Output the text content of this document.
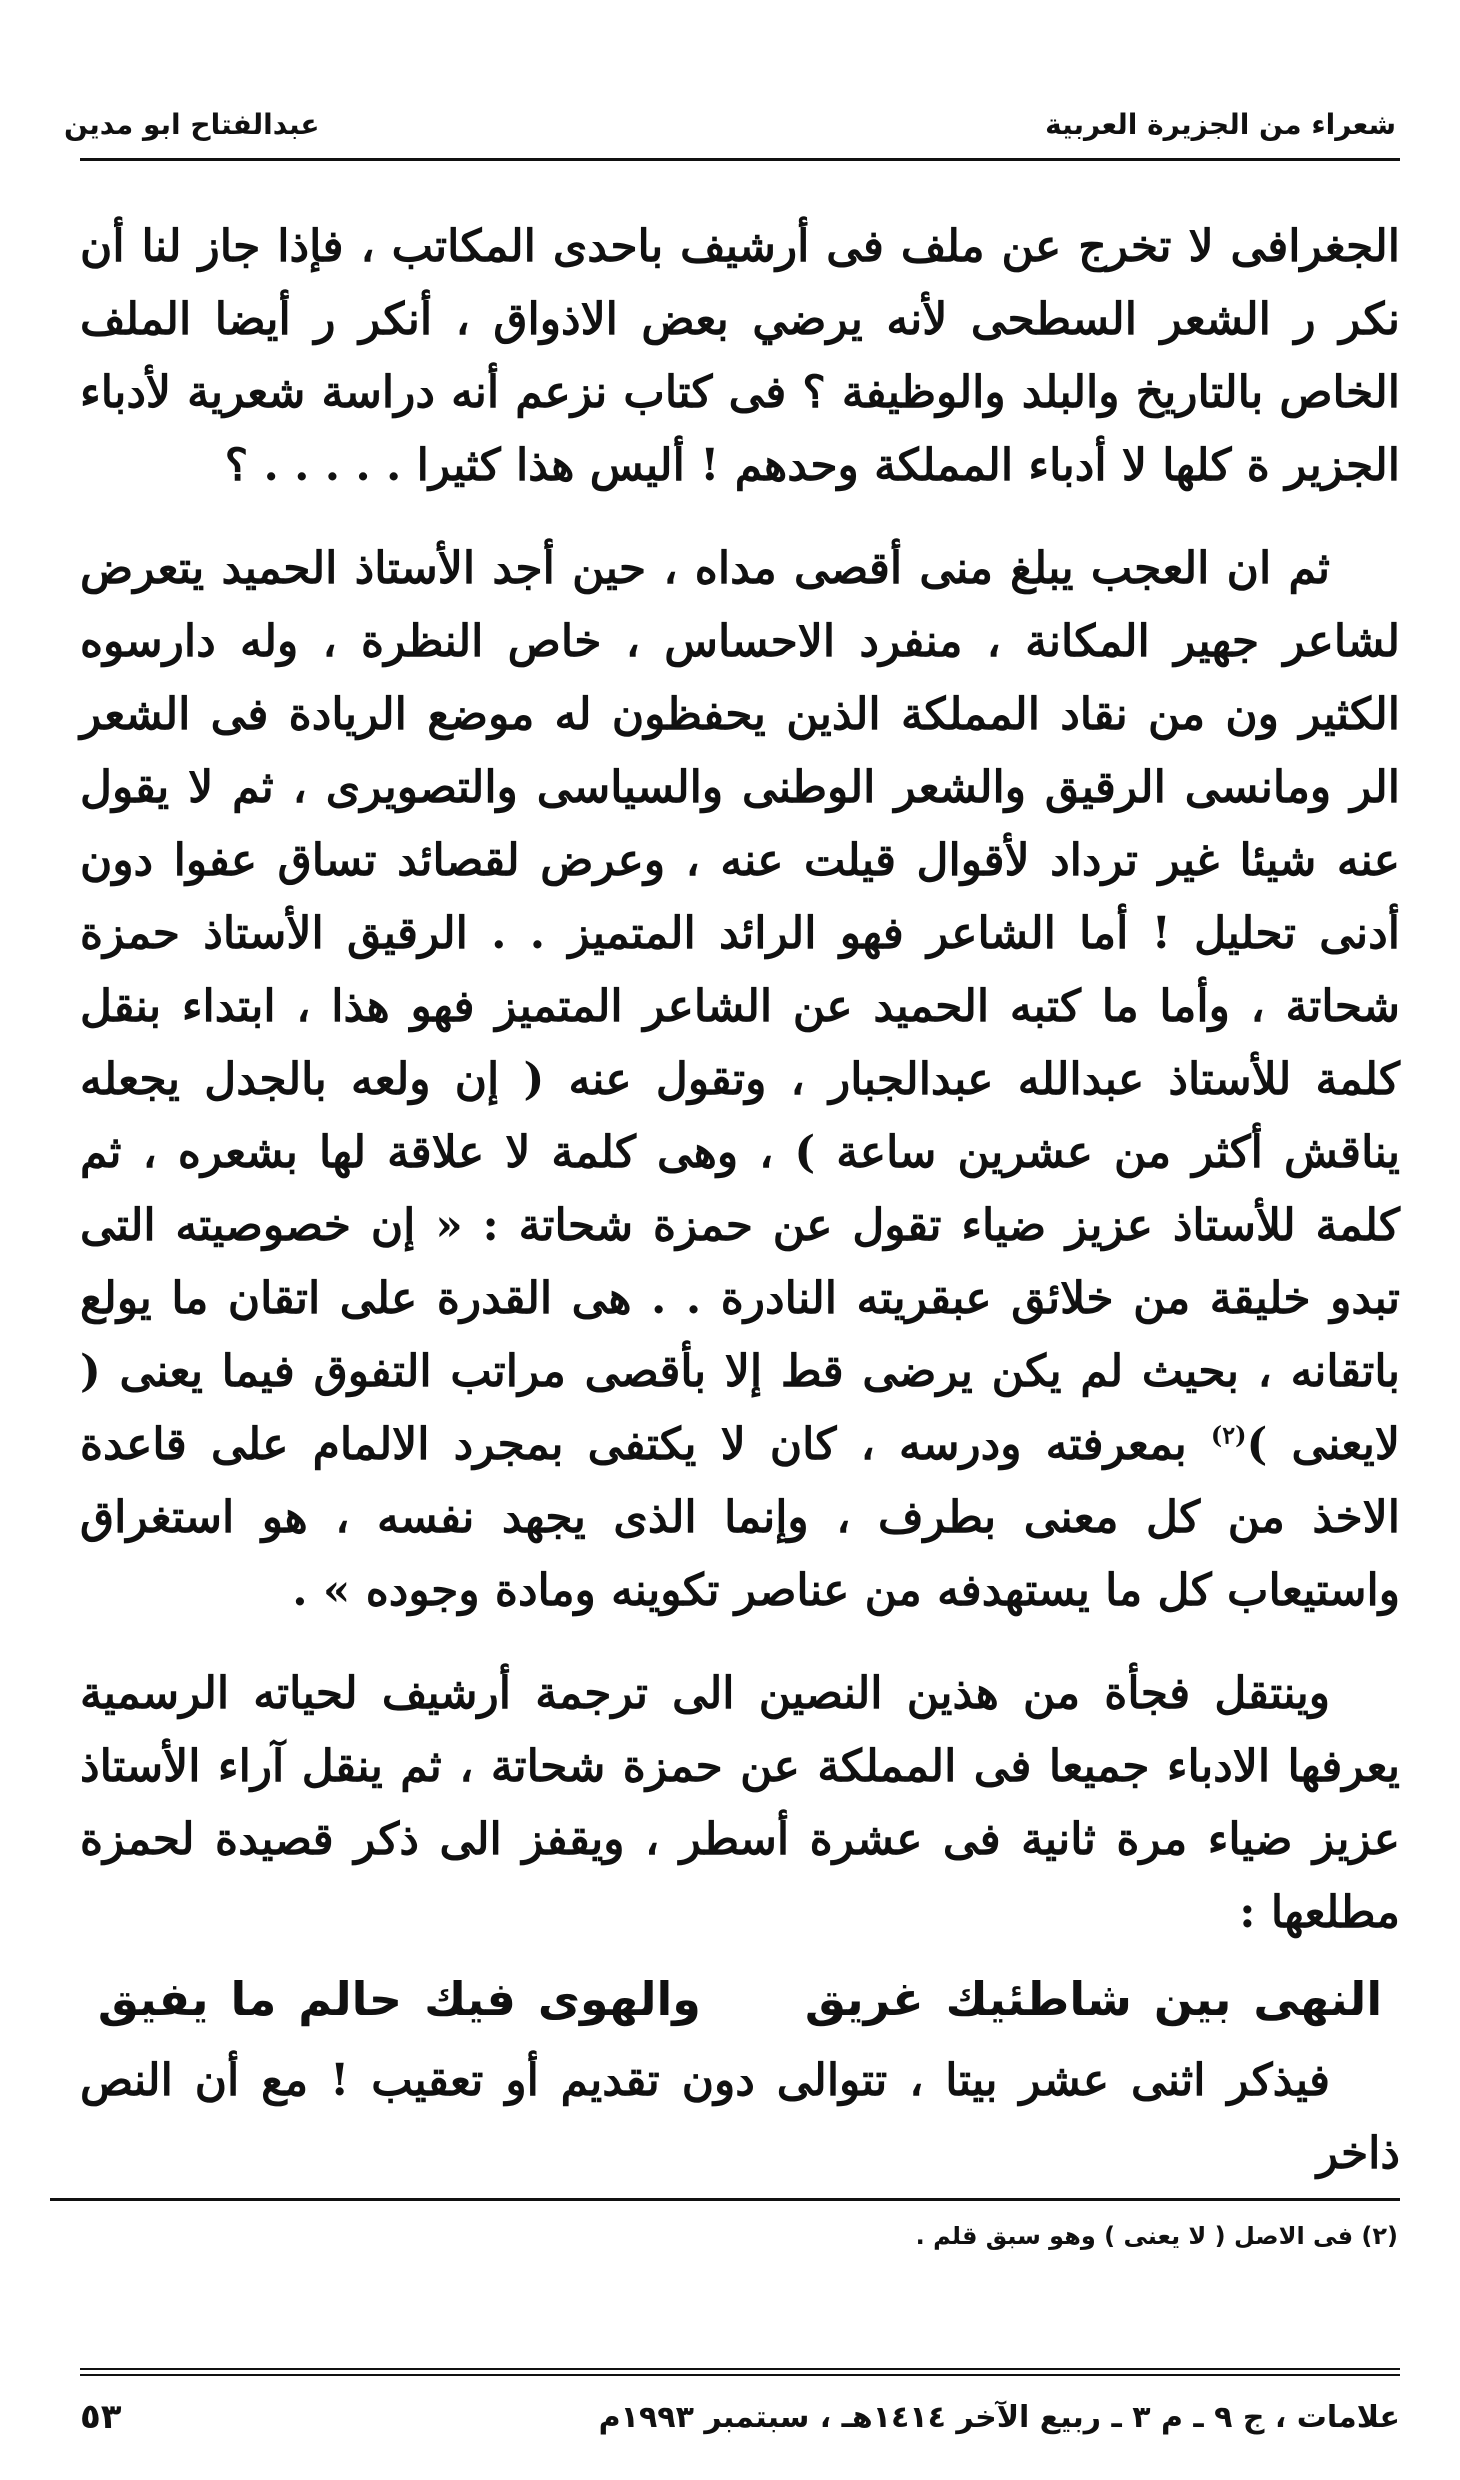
شعراء من الجزيرة العربية
عبدالفتاح ابو مدين

الجغرافى لا تخرج عن ملف فى أرشيف باحدى المكاتب ، فإذا جاز لنا أن نكر ر الشعر السطحى لأنه يرضي بعض الاذواق ، أنكر ر أيضا الملف الخاص بالتاريخ والبلد والوظيفة ؟ فى كتاب نزعم أنه دراسة شعرية لأدباء الجزير ة كلها لا أدباء المملكة وحدهم ! أليس هذا كثيرا . . . . . ؟

ثم ان العجب يبلغ منى أقصى مداه ، حين أجد الأستاذ الحميد يتعرض لشاعر جهير المكانة ، منفرد الاحساس ، خاص النظرة ، وله دارسوه الكثير ون من نقاد المملكة الذين يحفظون له موضع الريادة فى الشعر الر ومانسى الرقيق والشعر الوطنى والسياسى والتصويرى ، ثم لا يقول عنه شيئا غير ترداد لأقوال قيلت عنه ، وعرض لقصائد تساق عفوا دون أدنى تحليل ! أما الشاعر فهو الرائد المتميز . . الرقيق الأستاذ حمزة شحاتة ، وأما ما كتبه الحميد عن الشاعر المتميز فهو هذا ، ابتداء بنقل كلمة للأستاذ عبدالله عبدالجبار ، وتقول عنه ( إن ولعه بالجدل يجعله يناقش أكثر من عشرين ساعة ) ، وهى كلمة لا علاقة لها بشعره ، ثم كلمة للأستاذ عزيز ضياء تقول عن حمزة شحاتة : « إن خصوصيته التى تبدو خليقة من خلائق عبقريته النادرة . . هى القدرة على اتقان ما يولع باتقانه ، بحيث لم يكن يرضى قط إلا بأقصى مراتب التفوق فيما يعنى ( لايعنى )$^{(٢)}$ بمعرفته ودرسه ، كان لا يكتفى بمجرد الالمام على قاعدة الاخذ من كل معنى بطرف ، وإنما الذى يجهد نفسه ، هو استغراق واستيعاب كل ما يستهدفه من عناصر تكوينه ومادة وجوده » .

وينتقل فجأة من هذين النصين الى ترجمة أرشيف لحياته الرسمية يعرفها الادباء جميعا فى المملكة عن حمزة شحاتة ، ثم ينقل آراء الأستاذ عزيز ضياء مرة ثانية فى عشرة أسطر ، ويقفز الى ذكر قصيدة لحمزة مطلعها :

النهى بين شاطئيك غريق  والهوى فيك حالم ما يفيق

فيذكر اثنى عشر بيتا ، تتوالى دون تقديم أو تعقيب ! مع أن النص ذاخر

(٢) فى الاصل ( لا يعنى ) وهو سبق قلم .
علامات ، ج ٩ ـ م ٣ ـ ربيع الآخر ١٤١٤هـ ، سبتمبر ١٩٩٣م
٥٣
